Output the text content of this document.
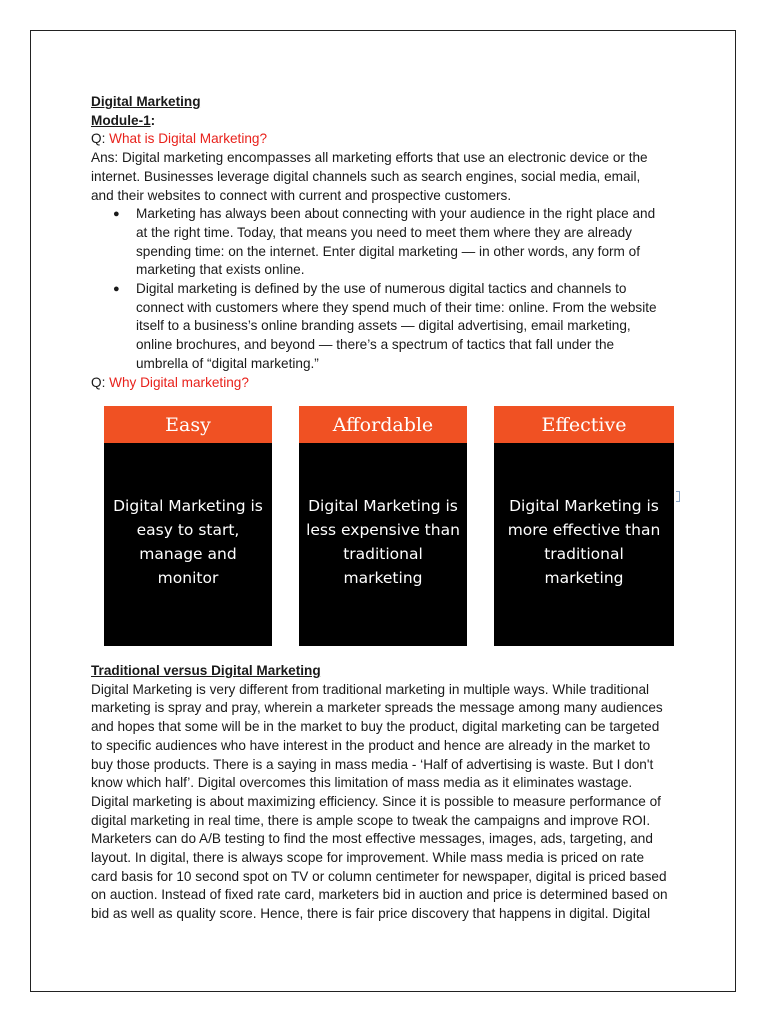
Digital Marketing

Module-1:

Q: What is Digital Marketing?

Ans: Digital marketing encompasses all marketing efforts that use an electronic device or the
internet. Businesses leverage digital channels such as search engines, social media, email,
and their websites to connect with current and prospective customers.

● Marketing has always been about connecting with your audience in the right place and
at the right time. Today, that means you need to meet them where they are already
spending time: on the internet. Enter digital marketing — in other words, any form of
marketing that exists online.
● Digital marketing is defined by the use of numerous digital tactics and channels to
connect with customers where they spend much of their time: online. From the website
itself to a business’s online branding assets — digital advertising, email marketing,
online brochures, and beyond — there’s a spectrum of tactics that fall under the
umbrella of “digital marketing.”

Q: Why Digital marketing?

Easy
Digital Marketing is
easy to start,
manage and
monitor
Affordable
Digital Marketing is
less expensive than
traditional
marketing
Effective
Digital Marketing is
more effective than
traditional
marketing

Traditional versus Digital Marketing

Digital Marketing is very different from traditional marketing in multiple ways. While traditional
marketing is spray and pray, wherein a marketer spreads the message among many audiences
and hopes that some will be in the market to buy the product, digital marketing can be targeted
to specific audiences who have interest in the product and hence are already in the market to
buy those products. There is a saying in mass media - ‘Half of advertising is waste. But I don't
know which half’. Digital overcomes this limitation of mass media as it eliminates wastage.
Digital marketing is about maximizing efficiency. Since it is possible to measure performance of
digital marketing in real time, there is ample scope to tweak the campaigns and improve ROI.
Marketers can do A/B testing to find the most effective messages, images, ads, targeting, and
layout. In digital, there is always scope for improvement. While mass media is priced on rate
card basis for 10 second spot on TV or column centimeter for newspaper, digital is priced based
on auction. Instead of fixed rate card, marketers bid in auction and price is determined based on
bid as well as quality score. Hence, there is fair price discovery that happens in digital. Digital
